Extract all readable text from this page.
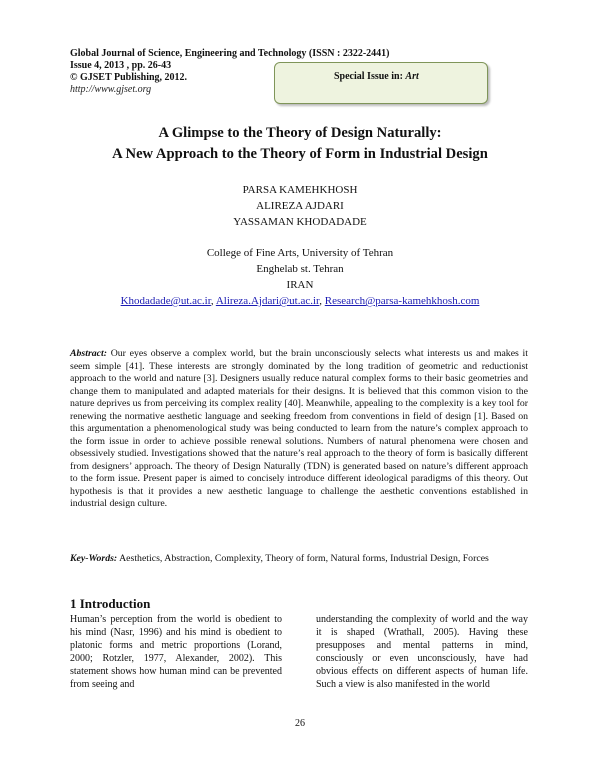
Global Journal of Science, Engineering and Technology (ISSN : 2322-2441)
Issue 4, 2013 , pp. 26-43
© GJSET Publishing, 2012.
http://www.gjset.org
Special Issue in: Art
A Glimpse to the Theory of Design Naturally:
A New Approach to the Theory of Form in Industrial Design
PARSA KAMEHKHOSH
ALIREZA AJDARI
YASSAMAN KHODADADE
College of Fine Arts, University of Tehran
Enghelab st. Tehran
IRAN
Khodadade@ut.ac.ir, Alireza.Ajdari@ut.ac.ir, Research@parsa-kamehkhosh.com
Abstract: Our eyes observe a complex world, but the brain unconsciously selects what interests us and makes it seem simple [41]. These interests are strongly dominated by the long tradition of geometric and reductionist approach to the world and nature [3]. Designers usually reduce natural complex forms to their basic geometries and change them to manipulated and adapted materials for their designs. It is believed that this common vision to the nature deprives us from perceiving its complex reality [40]. Meanwhile, appealing to the complexity is a key tool for renewing the normative aesthetic language and seeking freedom from conventions in field of design [1]. Based on this argumentation a phenomenological study was being conducted to learn from the nature’s complex approach to the form issue in order to achieve possible renewal solutions. Numbers of natural phenomena were chosen and obsessively studied. Investigations showed that the nature’s real approach to the theory of form is basically different from designers’ approach. The theory of Design Naturally (TDN) is generated based on nature’s different approach to the form issue. Present paper is aimed to concisely introduce different ideological paradigms of this theory. Out hypothesis is that it provides a new aesthetic language to challenge the aesthetic conventions established in industrial design culture.
Key-Words: Aesthetics, Abstraction, Complexity, Theory of form, Natural forms, Industrial Design, Forces
1 Introduction
Human’s perception from the world is obedient to his mind (Nasr, 1996) and his mind is obedient to platonic forms and metric proportions (Lorand, 2000; Rotzler, 1977, Alexander, 2002). This statement shows how human mind can be prevented from seeing and
understanding the complexity of world and the way it is shaped (Wrathall, 2005). Having these presupposes and mental patterns in mind, consciously or even unconsciously, have had obvious effects on different aspects of human life. Such a view is also manifested in the world
26
